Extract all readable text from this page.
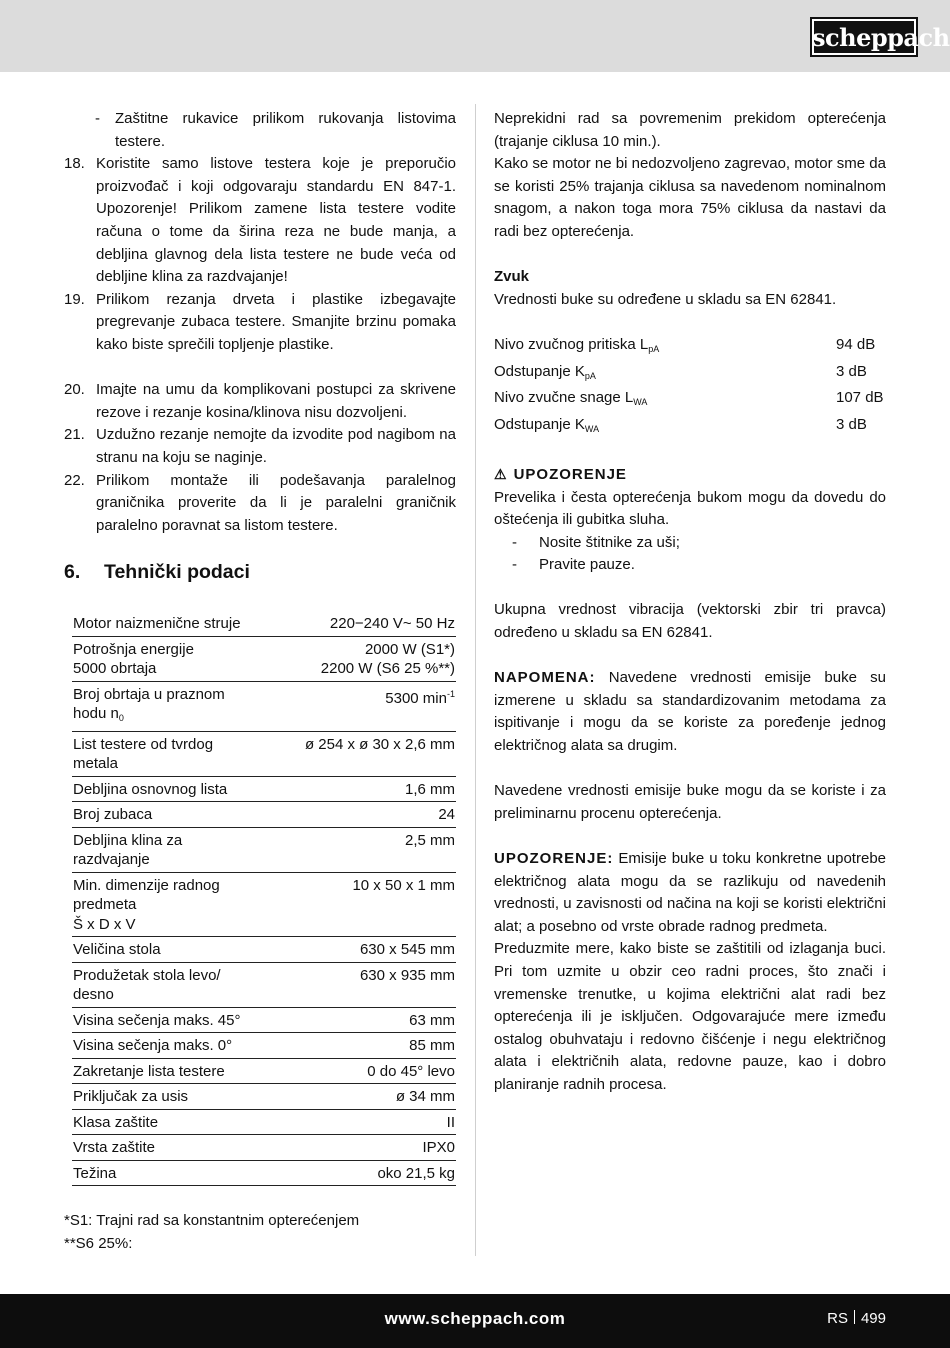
scheppach
-	Zaštitne rukavice prilikom rukovanja listovima testere.
18. Koristite samo listove testera koje je preporučio proizvođač i koji odgovaraju standardu EN 847-1. Upozorenje! Prilikom zamene lista testere vodite računa o tome da širina reza ne bude manja, a debljina glavnog dela lista testere ne bude veća od debljine klina za razdvajanje!
19. Prilikom rezanja drveta i plastike izbegavajte pregrevanje zubaca testere. Smanjite brzinu pomaka kako biste sprečili topljenje plastike.
20. Imajte na umu da komplikovani postupci za skrivene rezove i rezanje kosina/klinova nisu dozvoljeni.
21. Uzdužno rezanje nemojte da izvodite pod nagibom na stranu na koju se naginje.
22. Prilikom montaže ili podešavanja paralelnog graničnika proverite da li je paralelni graničnik paralelno poravnat sa listom testere.
6.	Tehnički podaci
Motor naizmenične struje	220−240 V~ 50 Hz
Potrošnja energije
5000 obrtaja	2000 W (S1*)
2200 W (S6 25 %**)
Broj obrtaja u praznom
hodu $n_0$	5300 $\min^{-1}$
List testere od tvrdog
metala	ø 254 x ø 30 x 2,6 mm
Debljina osnovnog lista	1,6 mm
Broj zubaca	24
Debljina klina za
razdvajanje	2,5 mm
Min. dimenzije radnog
predmeta
Š x D x V	10 x 50 x 1 mm
Veličina stola	630 x 545 mm
Produžetak stola levo/
desno	630 x 935 mm
Visina sečenja maks. 45°	63 mm
Visina sečenja maks. 0°	85 mm
Zakretanje lista testere	0 do 45° levo
Priključak za usis	ø 34 mm
Klasa zaštite	II
Vrsta zaštite	IPX0
Težina	oko 21,5 kg
*S1: Trajni rad sa konstantnim opterećenjem
**S6 25%:
Neprekidni rad sa povremenim prekidom opterećenja (trajanje ciklusa 10 min.).
Kako se motor ne bi nedozvoljeno zagrevao, motor sme da se koristi 25% trajanja ciklusa sa navedenom nominalnom snagom, a nakon toga mora 75% ciklusa da nastavi da radi bez opterećenja.
Zvuk
Vrednosti buke su određene u skladu sa EN 62841.
Nivo zvučnog pritiska $L_{pA}$	94 dB
Odstupanje $K_{pA}$	3 dB
Nivo zvučne snage $L_{WA}$	107 dB
Odstupanje $K_{WA}$	3 dB
⚠ UPOZORENJE
Prevelika i česta opterećenja bukom mogu da dovedu do oštećenja ili gubitka sluha.
-	Nosite štitnike za uši;
-	Pravite pauze.
Ukupna vrednost vibracija (vektorski zbir tri pravca) određeno u skladu sa EN 62841.
NAPOMENA: Navedene vrednosti emisije buke su izmerene u skladu sa standardizovanim metodama za ispitivanje i mogu da se koriste za poređenje jednog električnog alata sa drugim.
Navedene vrednosti emisije buke mogu da se koriste i za preliminarnu procenu opterećenja.
UPOZORENJE: Emisije buke u toku konkretne upotrebe električnog alata mogu da se razlikuju od navedenih vrednosti, u zavisnosti od načina na koji se koristi električni alat; a posebno od vrste obrade radnog predmeta.
Preduzmite mere, kako biste se zaštitili od izlaganja buci. Pri tom uzmite u obzir ceo radni proces, što znači i vremenske trenutke, u kojima električni alat radi bez opterećenja ili je isključen. Odgovarajuće mere između ostalog obuhvataju i redovno čišćenje i negu električnog alata i električnih alata, redovne pauze, kao i dobro planiranje radnih procesa.
www.scheppach.com	RS 499
